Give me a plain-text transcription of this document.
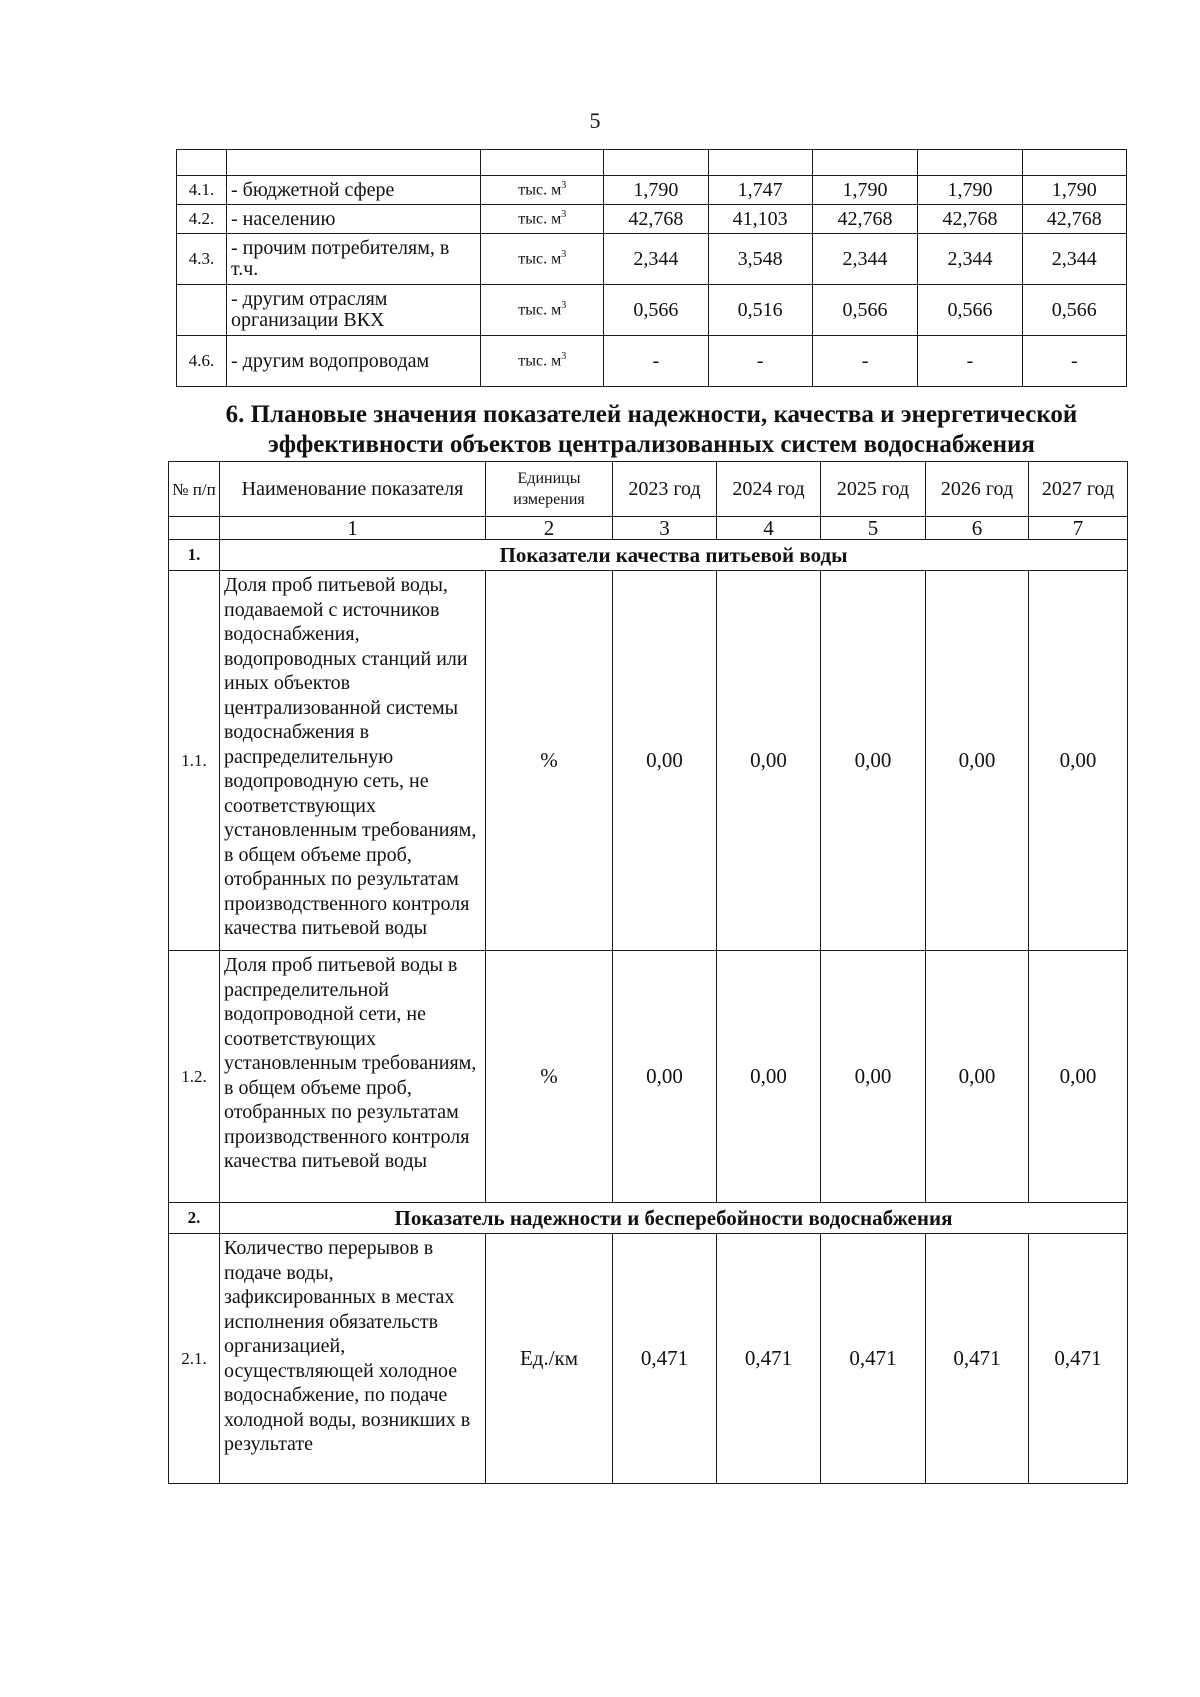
5

4.1.	- бюджетной сфере	тыс. $м^3$	1,790	1,747	1,790	1,790	1,790
4.2.	- населению	тыс. $м^3$	42,768	41,103	42,768	42,768	42,768
4.3.	- прочим потребителям, в т.ч.	тыс. $м^3$	2,344	3,548	2,344	2,344	2,344
	- другим отраслям организации ВКХ	тыс. $м^3$	0,566	0,516	0,566	0,566	0,566
4.6.	- другим водопроводам	тыс. $м^3$	-	-	-	-	-
6. Плановые значения показателей надежности, качества и энергетической эффективности объектов централизованных систем водоснабжения
№ п/п	Наименование показателя	Единицы измерения	2023 год	2024 год	2025 год	2026 год	2027 год
	1	2	3	4	5	6	7
1.	Показатели качества питьевой воды						
1.1.	Доля проб питьевой воды, подаваемой с источников водоснабжения, водопроводных станций или иных объектов централизованной системы водоснабжения в распределительную водопроводную сеть, не соответствующих установленным требованиям, в общем объеме проб, отобранных по результатам производственного контроля качества питьевой воды	%	0,00	0,00	0,00	0,00	0,00
1.2.	Доля проб питьевой воды в распределительной водопроводной сети, не соответствующих установленным требованиям, в общем объеме проб, отобранных по результатам производственного контроля качества питьевой воды	%	0,00	0,00	0,00	0,00	0,00
2.	Показатель надежности и бесперебойности водоснабжения						
2.1.	Количество перерывов в подаче воды, зафиксированных в местах исполнения обязательств организацией, осуществляющей холодное водоснабжение, по подаче холодной воды, возникших в результате	Ед./км	0,471	0,471	0,471	0,471	0,471
